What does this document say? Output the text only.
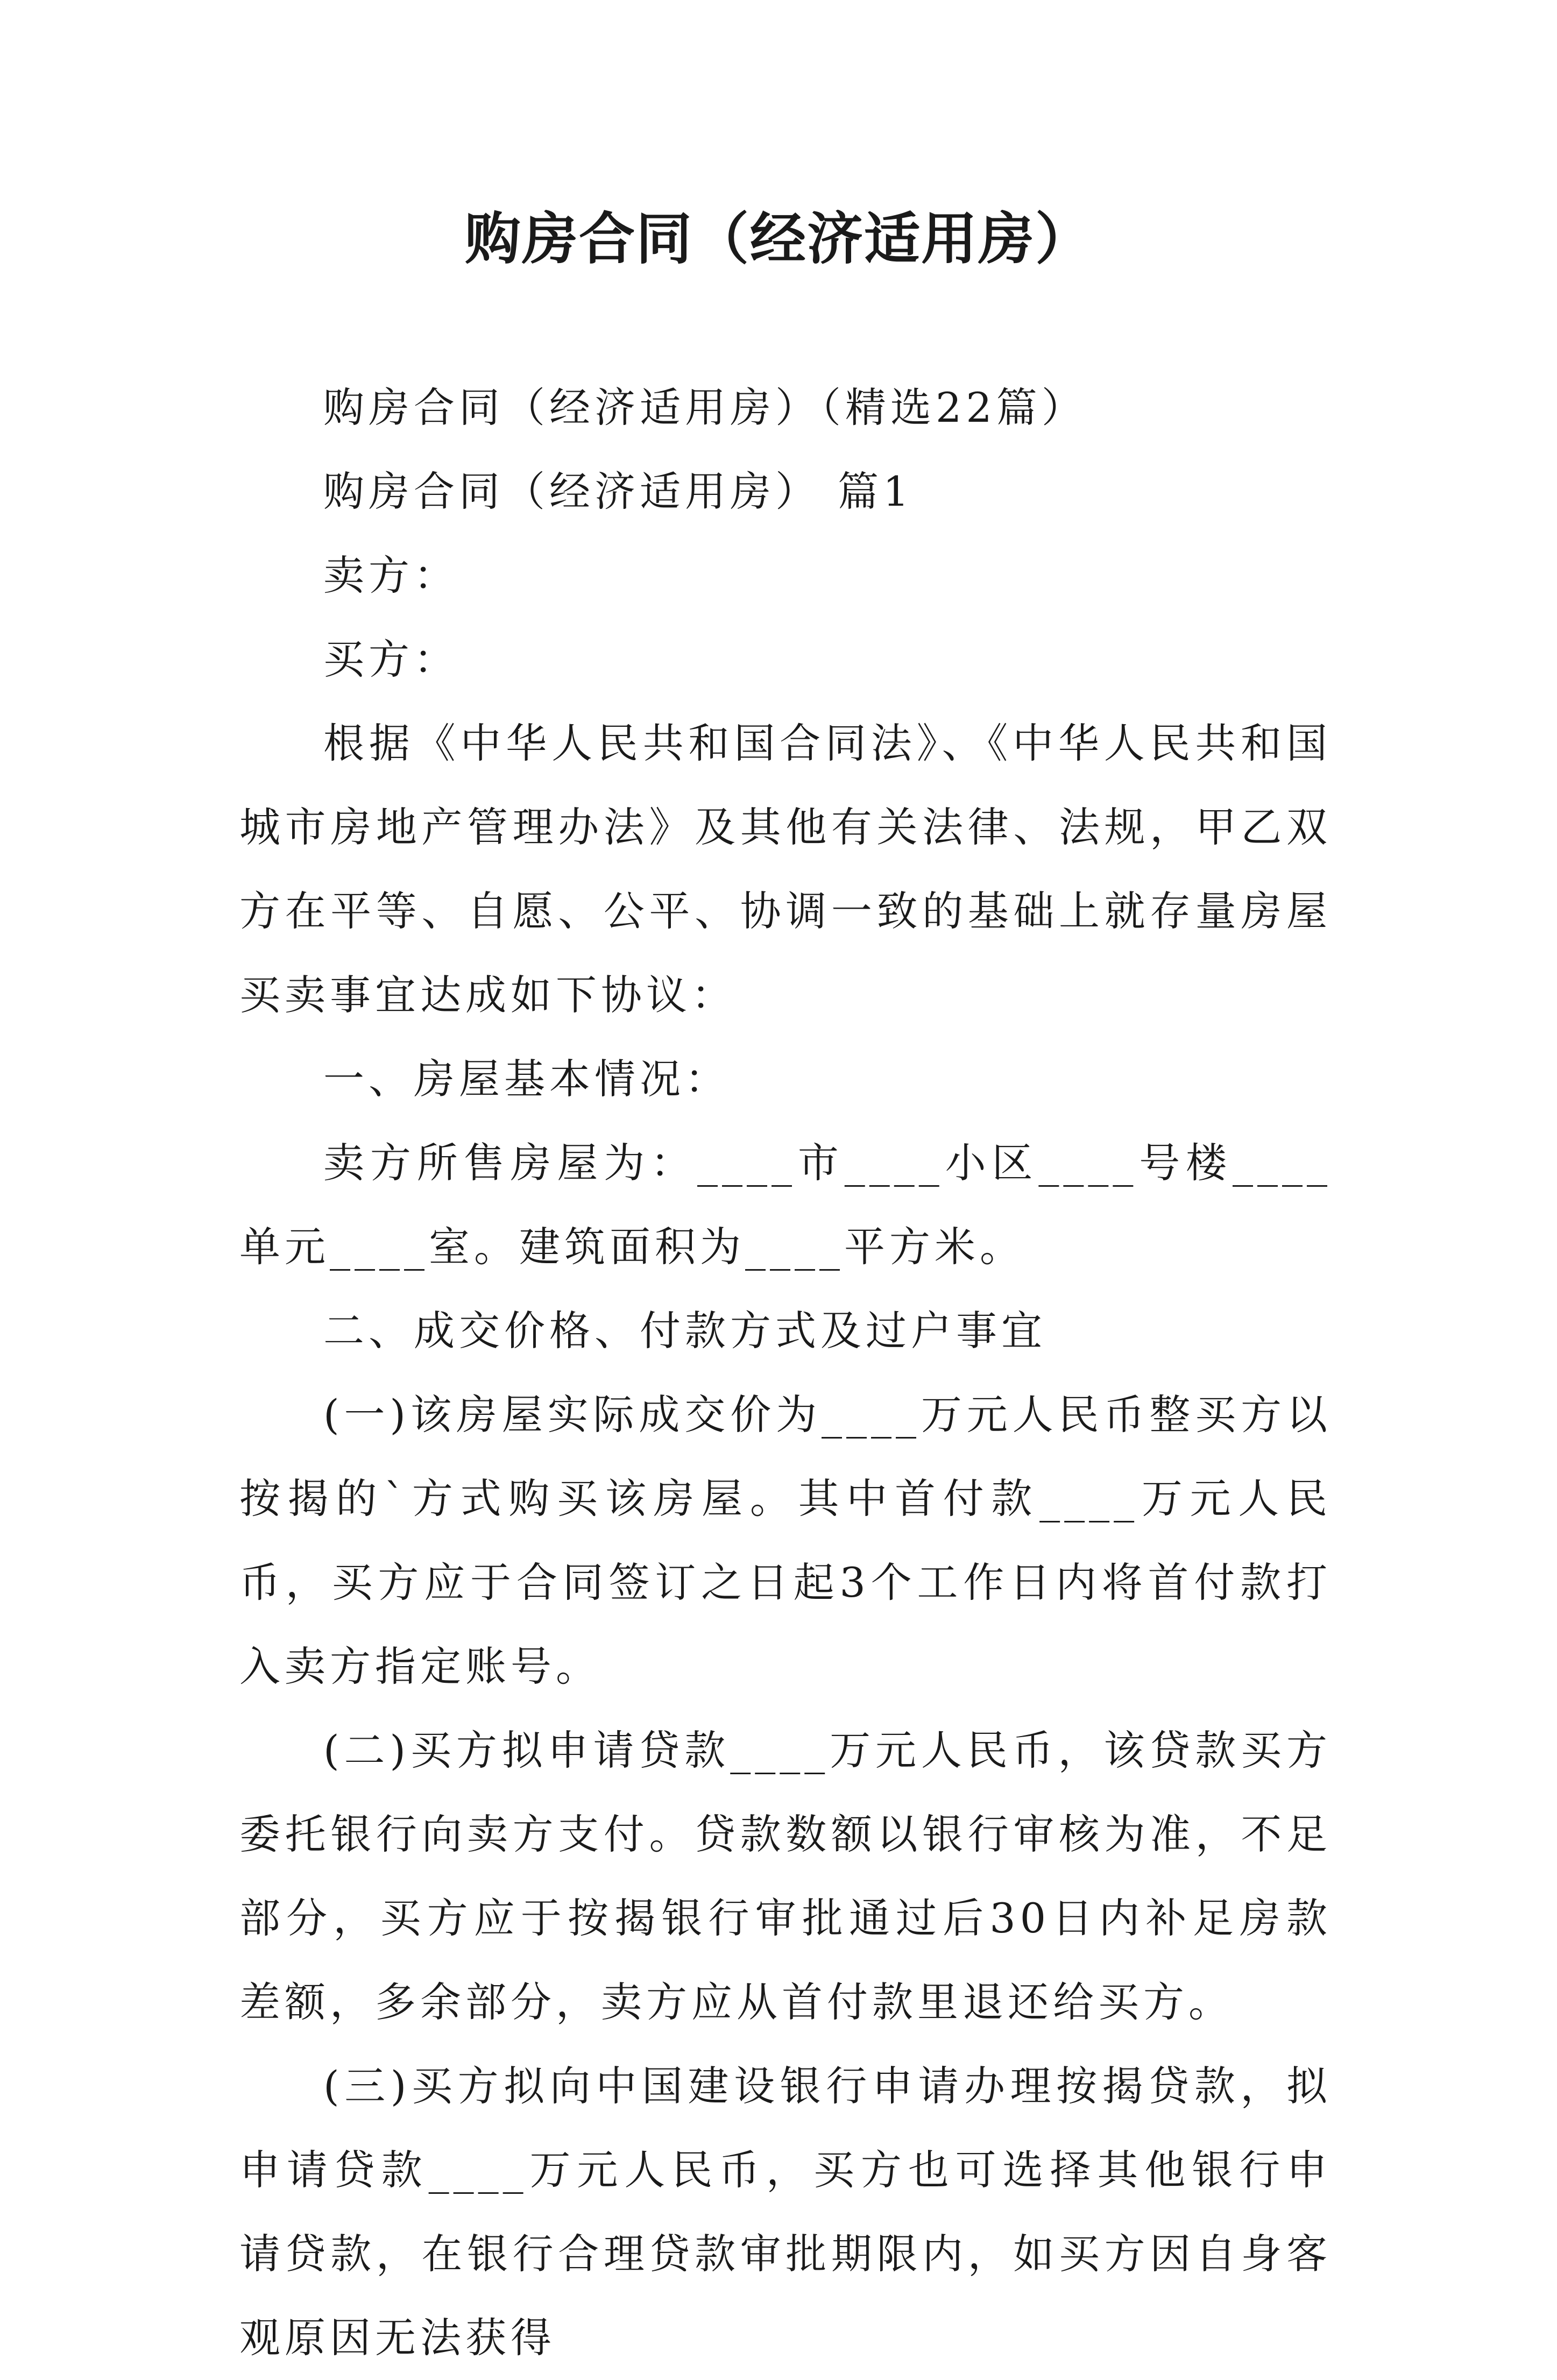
购房合同（经济适用房）

购房合同（经济适用房）（精选22篇）

购房合同（经济适用房） 篇1

卖方：

买方：

根据《中华人民共和国合同法》、《中华人民共和国城市房地产管理办法》及其他有关法律、法规，甲乙双方在平等、自愿、公平、协调一致的基础上就存量房屋买卖事宜达成如下协议：

一、房屋基本情况：

卖方所售房屋为：____市____小区____号楼____单元____室。建筑面积为____平方米。

二、成交价格、付款方式及过户事宜

(一)该房屋实际成交价为____万元人民币整买方以按揭的`方式购买该房屋。其中首付款____万元人民币，买方应于合同签订之日起3个工作日内将首付款打入卖方指定账号。

(二)买方拟申请贷款____万元人民币，该贷款买方委托银行向卖方支付。贷款数额以银行审核为准，不足部分，买方应于按揭银行审批通过后30日内补足房款差额，多余部分，卖方应从首付款里退还给买方。

(三)买方拟向中国建设银行申请办理按揭贷款，拟申请贷款____万元人民币，买方也可选择其他银行申请贷款，在银行合理贷款审批期限内，如买方因自身客观原因无法获得
